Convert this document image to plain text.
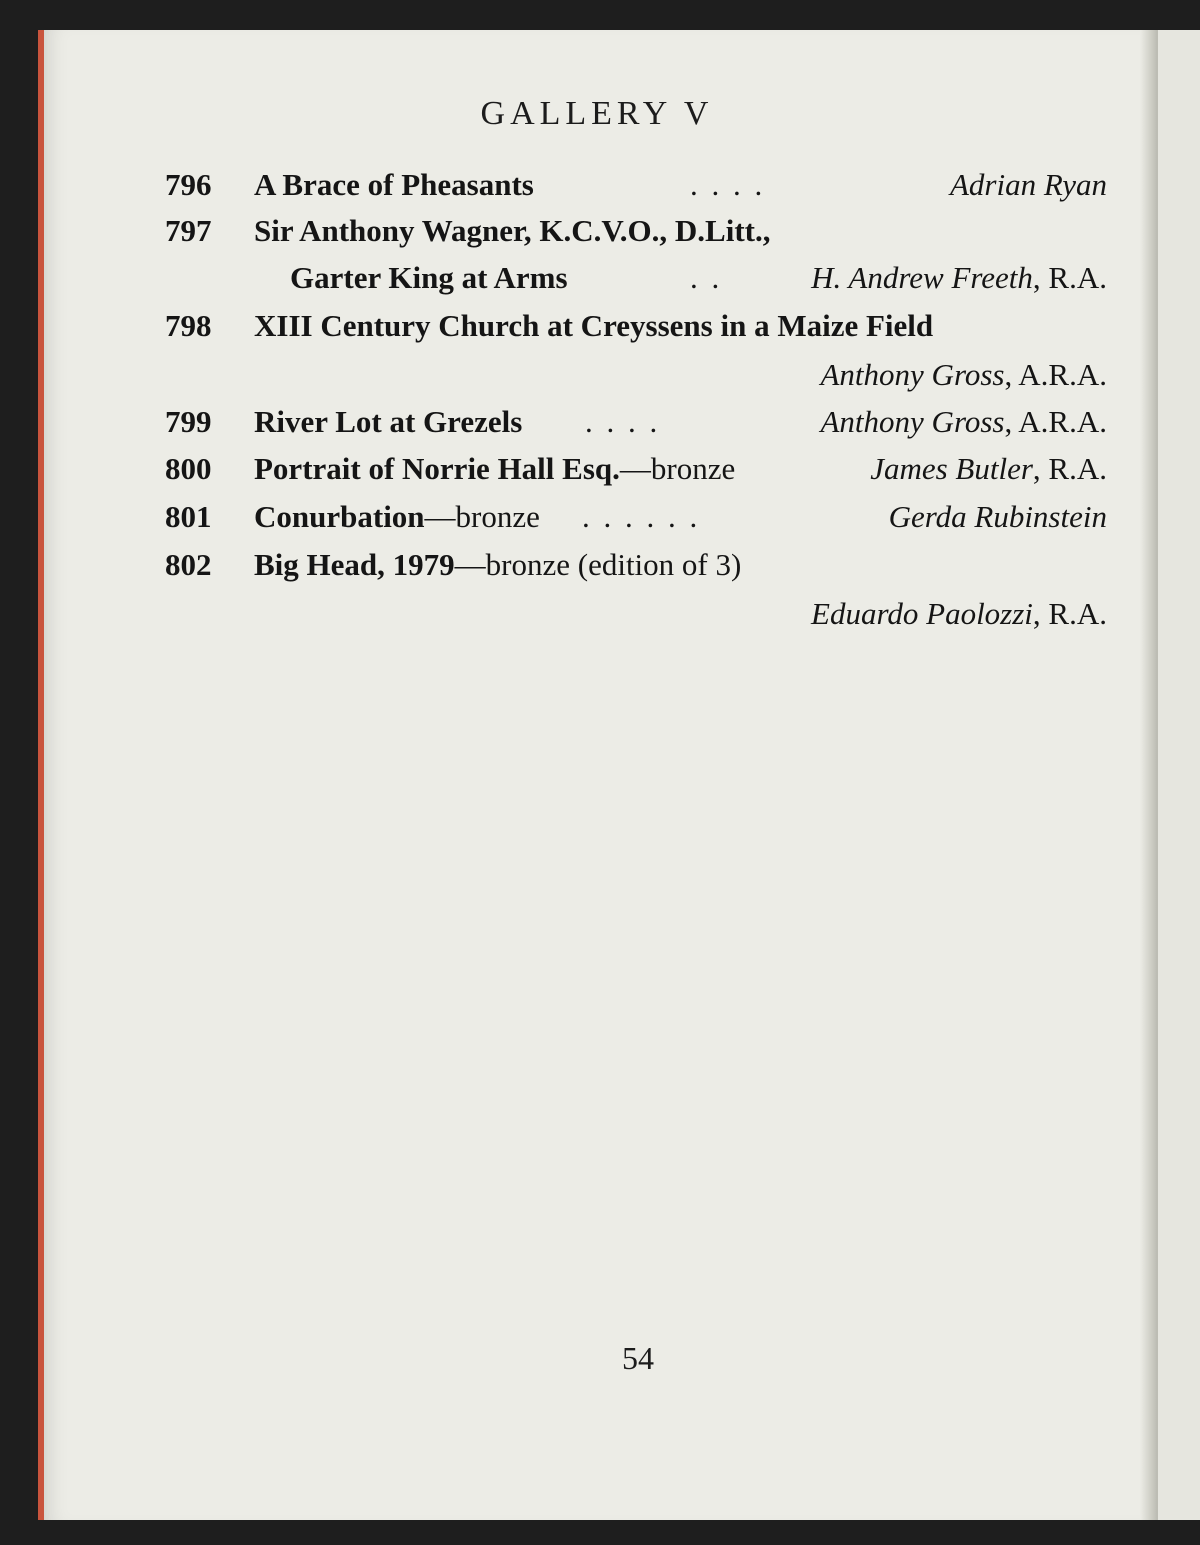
GALLERY V
796 A Brace of Pheasants	. . . .	Adrian Ryan
797 Sir Anthony Wagner, K.C.V.O., D.Litt.,
Garter King at Arms	. .	H. Andrew Freeth, R.A.
798 XIII Century Church at Creyssens in a Maize Field
Anthony Gross, A.R.A.
799 River Lot at Grezels . . . .	Anthony Gross, A.R.A.
800 Portrait of Norrie Hall Esq.—bronze	James Butler, R.A.
801 Conurbation—bronze . . . . . .	Gerda Rubinstein
802 Big Head, 1979—bronze (edition of 3)
Eduardo Paolozzi, R.A.
54
